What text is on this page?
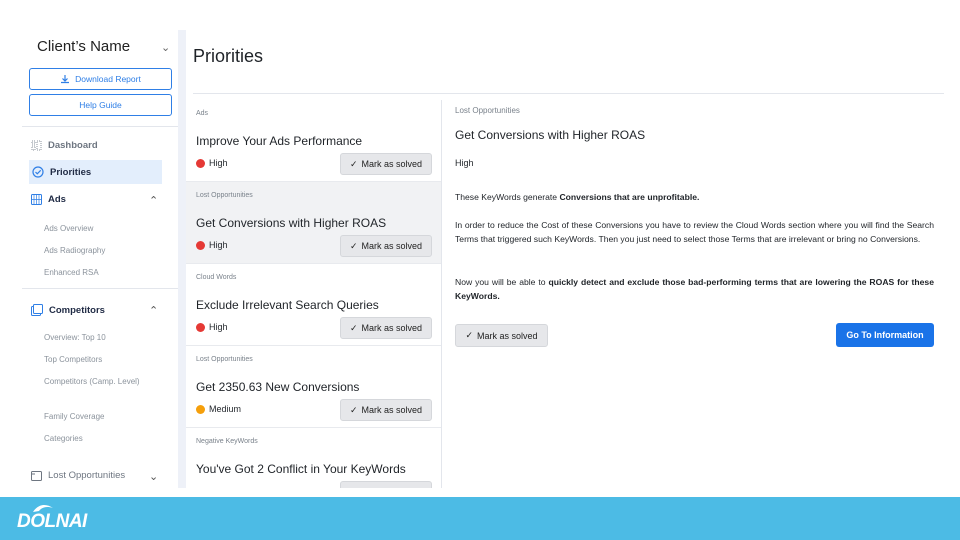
Client’s Name	⌄
Download Report
Help Guide
Dashboard
Priorities
Ads	⌃
Ads Overview
Ads Radiography
Enhanced RSA
Competitors	⌃
Overview: Top 10
Top Competitors
Competitors (Camp. Level)
Family Coverage
Categories
Lost Opportunities ⌄
Priorities
Ads
Improve Your Ads Performance
High	✓ Mark as solved
Lost Opportunities
Get Conversions with Higher ROAS
High	✓ Mark as solved
Cloud Words
Exclude Irrelevant Search Queries
High	✓ Mark as solved
Lost Opportunities
Get 2350.63 New Conversions
Medium	✓ Mark as solved
Negative KeyWords
You've Got 2 Conflict in Your KeyWords
Lost Opportunities
Get Conversions with Higher ROAS
High

These KeyWords generate Conversions that are unprofitable.

In order to reduce the Cost of these Conversions you have to review the Cloud Words section where you will find the Search Terms that triggered such KeyWords. Then you just need to select those Terms that are irrelevant or bring no Conversions.

Now you will be able to quickly detect and exclude those bad-performing terms that are lowering the ROAS for these KeyWords.

✓ Mark as solved	Go To Information
DOLNAI
